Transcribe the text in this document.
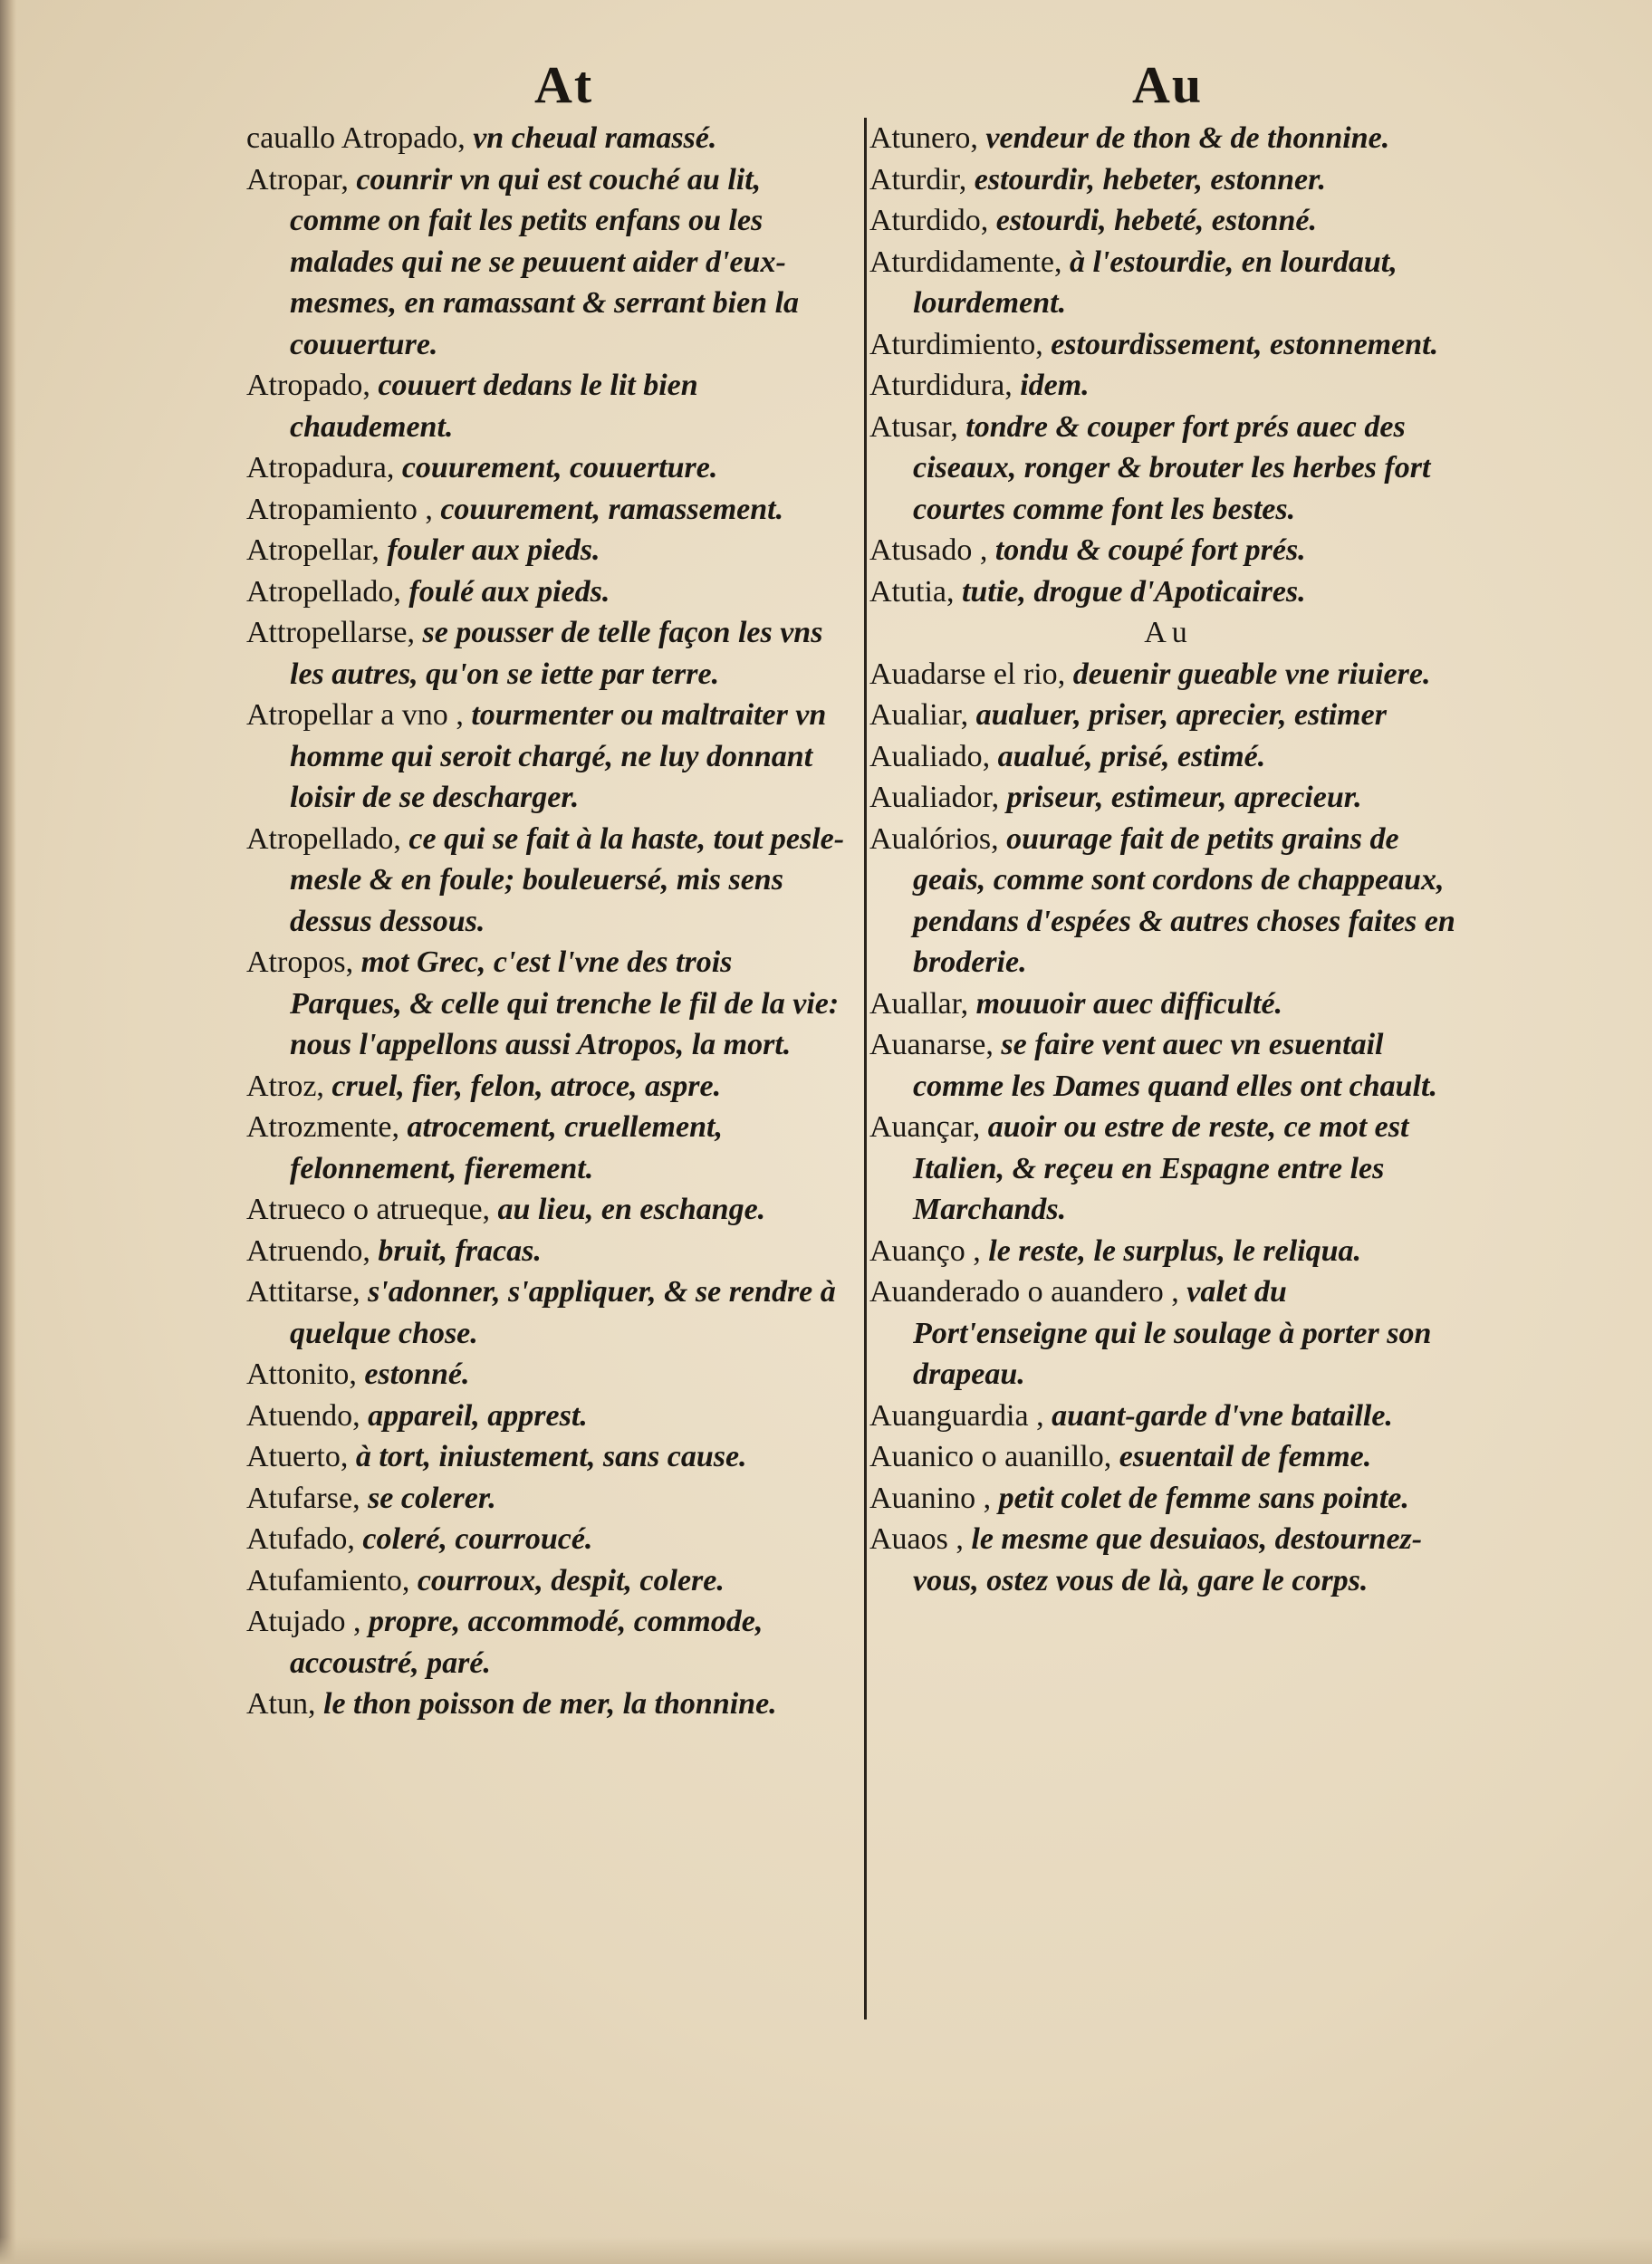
At	Au

cauallo Atropado, vn cheual ramassé.

Atropar, counrir vn qui est couché au lit, comme on fait les petits enfans ou les malades qui ne se peuuent aider d'eux-mesmes, en ramassant & serrant bien la couuerture.

Atropado, couuert dedans le lit bien chaudement.

Atropadura, couurement, couuerture.

Atropamiento , couurement, ramassement.

Atropellar, fouler aux pieds.

Atropellado, foulé aux pieds.

Attropellarse, se pousser de telle façon les vns les autres, qu'on se iette par terre.

Atropellar a vno , tourmenter ou maltraiter vn homme qui seroit chargé, ne luy donnant loisir de se descharger.

Atropellado, ce qui se fait à la haste, tout pesle-mesle & en foule; bouleuersé, mis sens dessus dessous.

Atropos, mot Grec, c'est l'vne des trois Parques, & celle qui trenche le fil de la vie: nous l'appellons aussi Atropos, la mort.

Atroz, cruel, fier, felon, atroce, aspre.

Atrozmente, atrocement, cruellement, felonnement, fierement.

Atrueco o atrueque, au lieu, en eschange.

Atruendo, bruit, fracas.

Attitarse, s'adonner, s'appliquer, & se rendre à quelque chose.

Attonito, estonné.

Atuendo, appareil, apprest.

Atuerto, à tort, iniustement, sans cause.

Atufarse, se colerer.

Atufado, coleré, courroucé.

Atufamiento, courroux, despit, colere.

Atujado , propre, accommodé, commode, accoustré, paré.

Atun, le thon poisson de mer, la thonnine.

Atunero, vendeur de thon & de thonnine.

Aturdir, estourdir, hebeter, estonner.

Aturdido, estourdi, hebeté, estonné.

Aturdidamente, à l'estourdie, en lourdaut, lourdement.

Aturdimiento, estourdissement, estonnement.

Aturdidura, idem.

Atusar, tondre & couper fort prés auec des ciseaux, ronger & brouter les herbes fort courtes comme font les bestes.

Atusado , tondu & coupé fort prés.

Atutia, tutie, drogue d'Apoticaires.

Au

Auadarse el rio, deuenir gueable vne riuiere.

Aualiar, aualuer, priser, aprecier, estimer

Aualiado, aualué, prisé, estimé.

Aualiador, priseur, estimeur, aprecieur.

Aualórios, ouurage fait de petits grains de geais, comme sont cordons de chappeaux, pendans d'espées & autres choses faites en broderie.

Auallar, mouuoir auec difficulté.

Auanarse, se faire vent auec vn esuentail comme les Dames quand elles ont chault.

Auançar, auoir ou estre de reste, ce mot est Italien, & reçeu en Espagne entre les Marchands.

Auanço , le reste, le surplus, le reliqua.

Auanderado o auandero , valet du Port'enseigne qui le soulage à porter son drapeau.

Auanguardia , auant-garde d'vne bataille.

Auanico o auanillo, esuentail de femme.

Auanino , petit colet de femme sans pointe.

Auaos , le mesme que desuiaos, destournez-vous, ostez vous de là, gare le corps.
